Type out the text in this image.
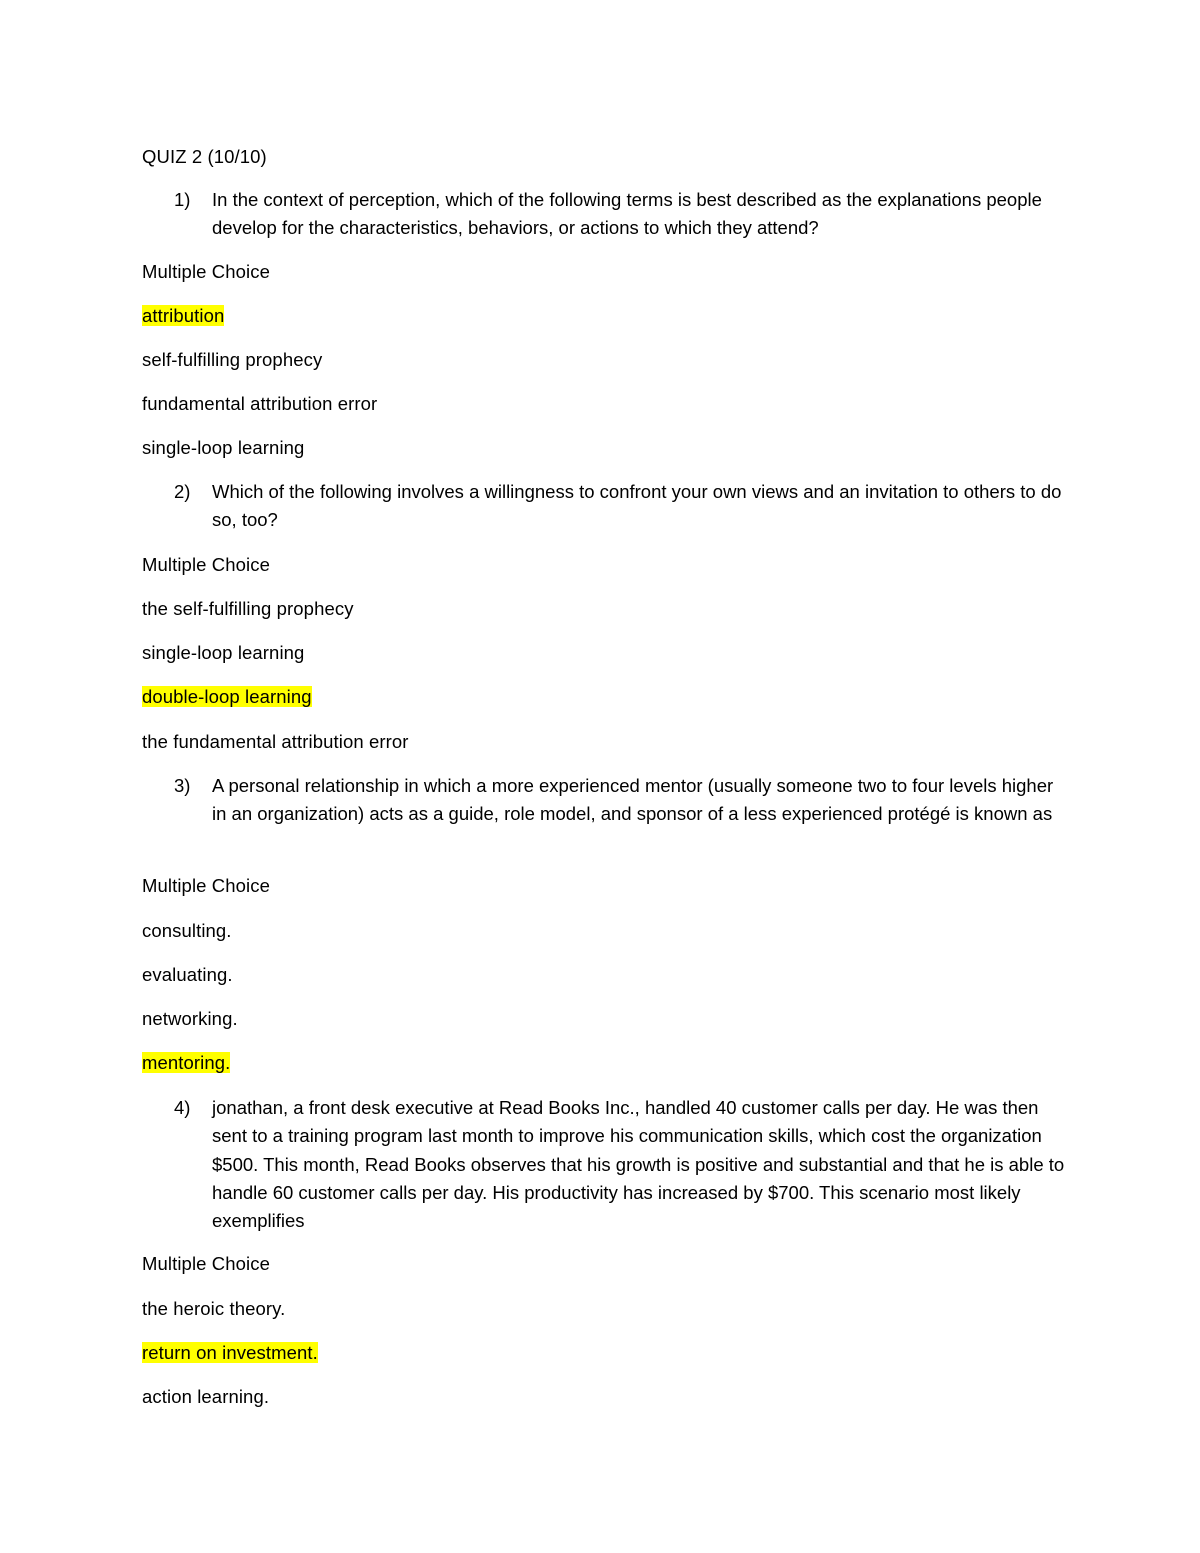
QUIZ 2 (10/10)
1) In the context of perception, which of the following terms is best described as the explanations people develop for the characteristics, behaviors, or actions to which they attend?
Multiple Choice
attribution
self-fulfilling prophecy
fundamental attribution error
single-loop learning
2) Which of the following involves a willingness to confront your own views and an invitation to others to do so, too?
Multiple Choice
the self-fulfilling prophecy
single-loop learning
double-loop learning
the fundamental attribution error
3) A personal relationship in which a more experienced mentor (usually someone two to four levels higher in an organization) acts as a guide, role model, and sponsor of a less experienced protégé is known as
Multiple Choice
consulting.
evaluating.
networking.
mentoring.
4) jonathan, a front desk executive at Read Books Inc., handled 40 customer calls per day. He was then sent to a training program last month to improve his communication skills, which cost the organization $500. This month, Read Books observes that his growth is positive and substantial and that he is able to handle 60 customer calls per day. His productivity has increased by $700. This scenario most likely exemplifies
Multiple Choice
the heroic theory.
return on investment.
action learning.
